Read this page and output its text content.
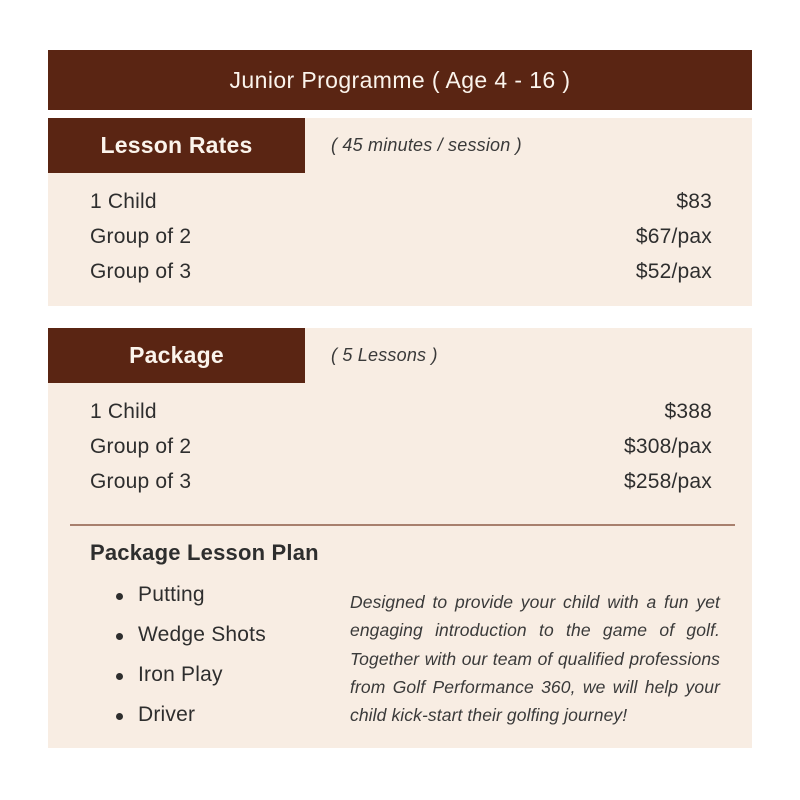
Junior Programme ( Age 4 - 16 )
Lesson Rates	( 45 minutes / session )
1 Child	$83
Group of 2	$67/pax
Group of 3	$52/pax
Package	( 5 Lessons )
1 Child	$388
Group of 2	$308/pax
Group of 3	$258/pax
Package Lesson Plan
Putting
Wedge Shots
Iron Play
Driver
Designed to provide your child with a fun yet engaging introduction to the game of golf. Together with our team of qualified professions from Golf Performance 360, we will help your child kick-start their golfing journey!
